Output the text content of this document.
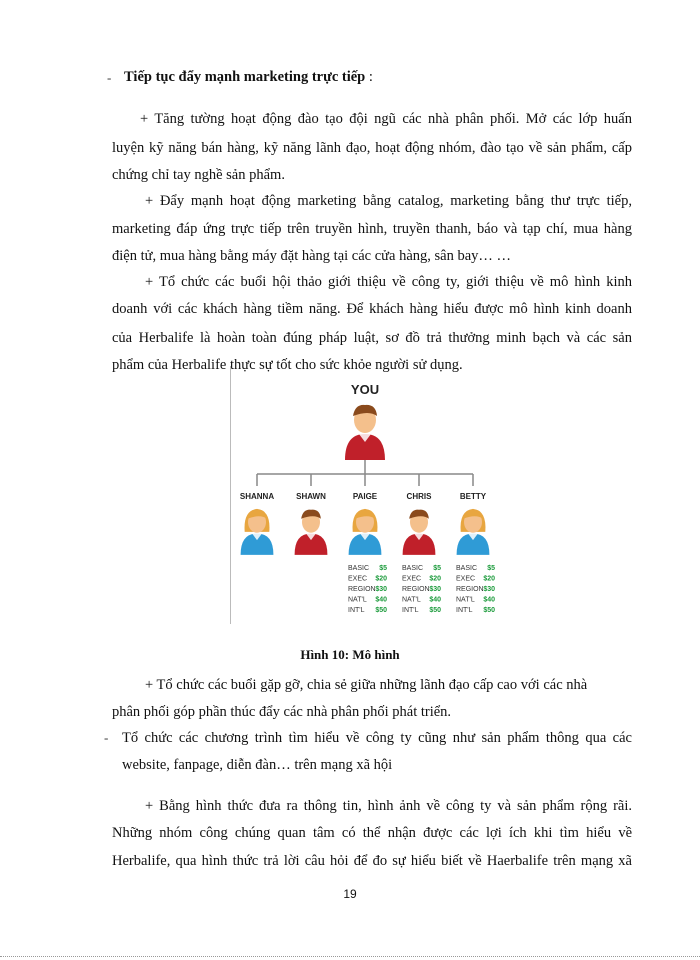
- Tiếp tục đẩy mạnh marketing trực tiếp :
+ Tăng tường hoạt động đào tạo đội ngũ các nhà phân phối. Mở các lớp huấn
luyện kỹ năng bán hàng, kỹ năng lãnh đạo, hoạt động nhóm, đào tạo về sản phẩm, cấp
chứng chỉ tay nghề sản phẩm.
+ Đẩy mạnh hoạt động marketing bằng catalog, marketing bằng thư trực tiếp,
marketing đáp ứng trực tiếp trên truyền hình, truyền thanh, báo và tạp chí, mua hàng
điện tử, mua hàng bằng máy đặt hàng tại các cửa hàng, sân bay… …
+ Tổ chức các buổi hội thảo giới thiệu về công ty, giới thiệu về mô hình kinh
doanh với các khách hàng tiềm năng. Để khách hàng hiểu được mô hình kinh doanh
của Herbalife là hoàn toàn đúng pháp luật, sơ đồ trả thưởng minh bạch và các sản
phẩm của Herbalife thực sự tốt cho sức khỏe người sử dụng.
YOU
SHANNA	SHAWN	PAIGE
BASIC $5
EXEC $20
REGION $30
NAT'L $40
INT'L $50
CHRIS
BASIC $5
EXEC $20
REGION $30
NAT'L $40
INT'L $50
BETTY
BASIC $5
EXEC $20
REGION $30
NAT'L $40
INT'L $50
Hình 10: Mô hình
+ Tổ chức các buổi gặp gỡ, chia sẻ giữa những lãnh đạo cấp cao với các nhà
phân phối góp phần thúc đẩy các nhà phân phối phát triển.
- Tổ chức các chương trình tìm hiểu về công ty cũng như sản phẩm thông qua các
website, fanpage, diễn đàn… trên mạng xã hội
+ Bằng hình thức đưa ra thông tin, hình ảnh về công ty và sản phẩm rộng rãi.
Những nhóm công chúng quan tâm có thể nhận được các lợi ích khi tìm hiểu về
Herbalife, qua hình thức trả lời câu hỏi để đo sự hiểu biết về Haerbalife trên mạng xã
19
